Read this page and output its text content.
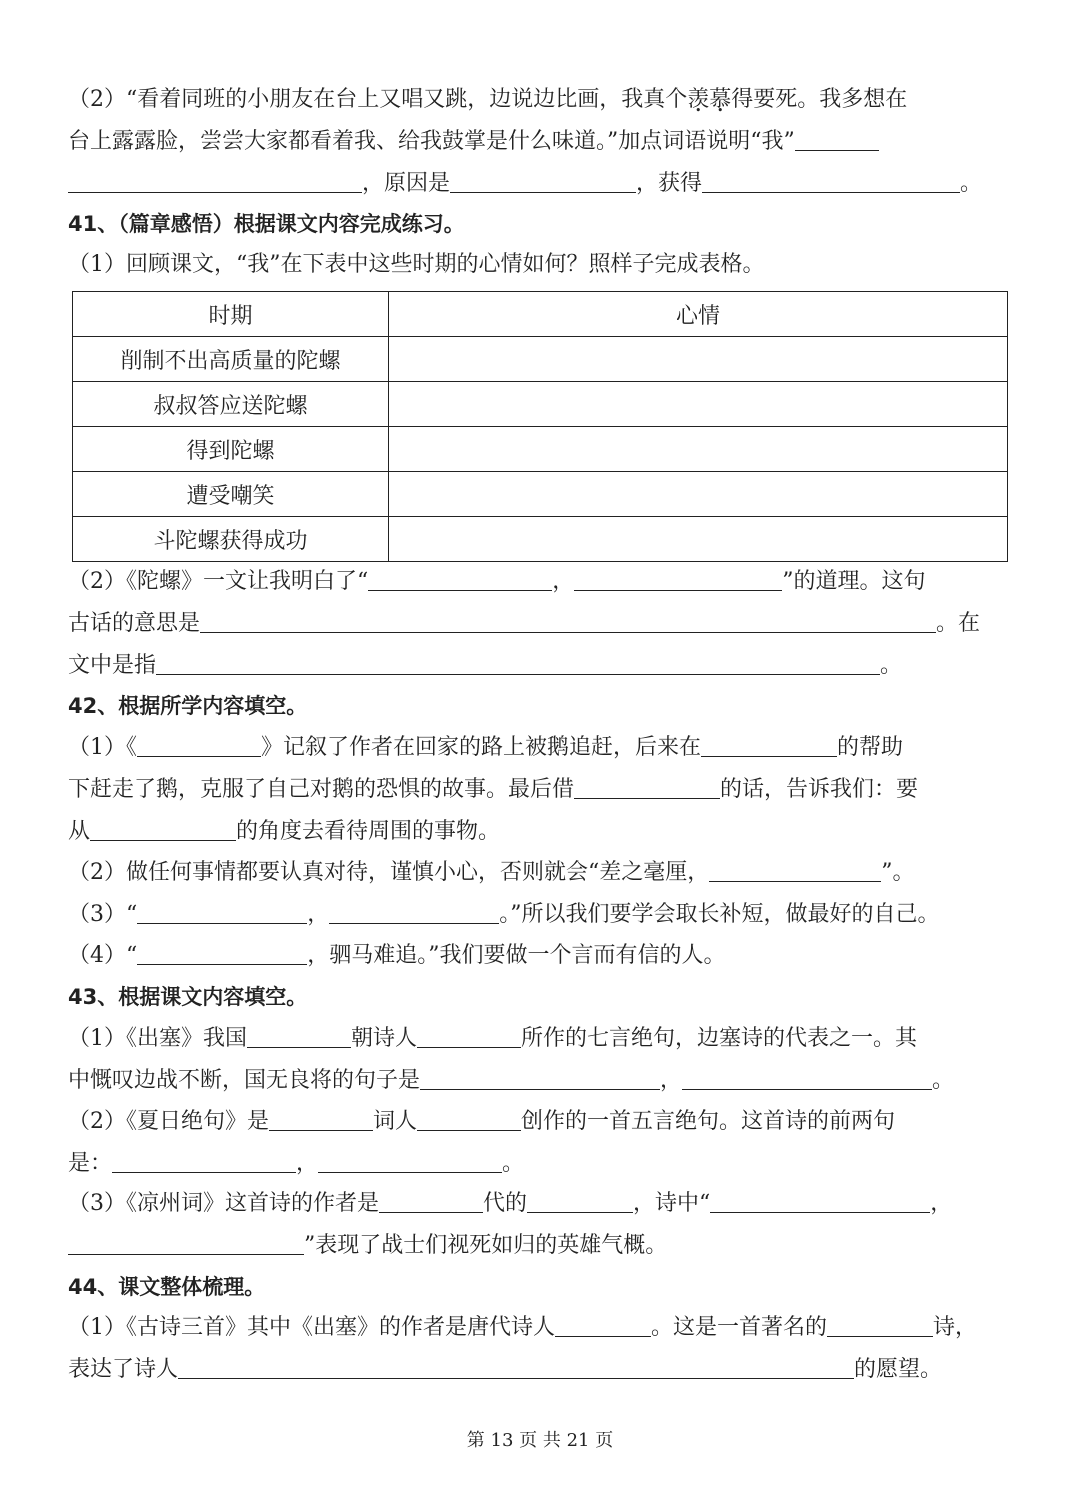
（2）“看着同班的小朋友在台上又唱又跳，边说边比画，我真个羡慕得要死。我多想在
台上露露脸，尝尝大家都看着我、给我鼓掌是什么味道。”加点词语说明“我”
，原因是	，获得	。
41、（篇章感悟）根据课文内容完成练习。
（1）回顾课文，“我”在下表中这些时期的心情如何？照样子完成表格。
时期	心情
削制不出高质量的陀螺	
叔叔答应送陀螺	
得到陀螺	
遭受嘲笑	
斗陀螺获得成功	
（2）《陀螺》一文让我明白了“	，	”的道理。这句
古话的意思是	。在
文中是指	。
42、根据所学内容填空。
（1）《	》记叙了作者在回家的路上被鹅追赶，后来在	的帮助
下赶走了鹅，克服了自己对鹅的恐惧的故事。最后借	的话，告诉我们：要
从	的角度去看待周围的事物。
（2）做任何事情都要认真对待，谨慎小心，否则就会“差之毫厘，	”。
（3）“	，	。”所以我们要学会取长补短，做最好的自己。
（4）“	，驷马难追。”我们要做一个言而有信的人。
43、根据课文内容填空。
（1）《出塞》我国	朝诗人	所作的七言绝句，边塞诗的代表之一。其
中慨叹边战不断，国无良将的句子是	，	。
（2）《夏日绝句》是	词人	创作的一首五言绝句。这首诗的前两句
是：	，	。
（3）《凉州词》这首诗的作者是	代的	，诗中“	，
”表现了战士们视死如归的英雄气概。
44、课文整体梳理。
（1）《古诗三首》其中《出塞》的作者是唐代诗人	。这是一首著名的	诗，
表达了诗人	的愿望。
第 13 页 共 21 页
